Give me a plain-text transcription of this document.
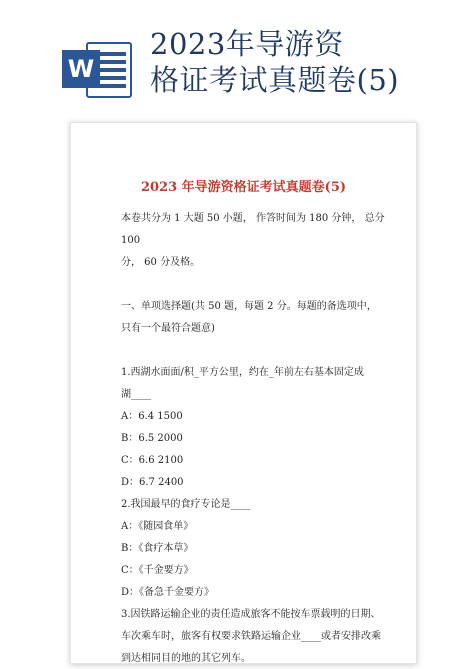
W
2023年导游资
格证考试真题卷(5)

2023 年导游资格证考试真题卷(5)

本卷共分为 1 大题 50 小题， 作答时间为 180 分钟， 总分 100

分， 60 分及格。

一、单项选择题(共 50 题，每题 2 分。每题的备选项中，

只有一个最符合题意)

1.西湖水面面/积_平方公里，约在_年前左右基本固定成

湖____

A：6.4 1500

B：6.5 2000

C：6.6 2100

D：6.7 2400

2.我国最早的食疗专论是____

A：《随园食单》

B：《食疗本草》

C：《千金要方》

D：《备急千金要方》

3.因铁路运输企业的责任造成旅客不能按车票载明的日期、

车次乘车时，旅客有权要求铁路运输企业____或者安排改乘

到达相同目的地的其它列车。
